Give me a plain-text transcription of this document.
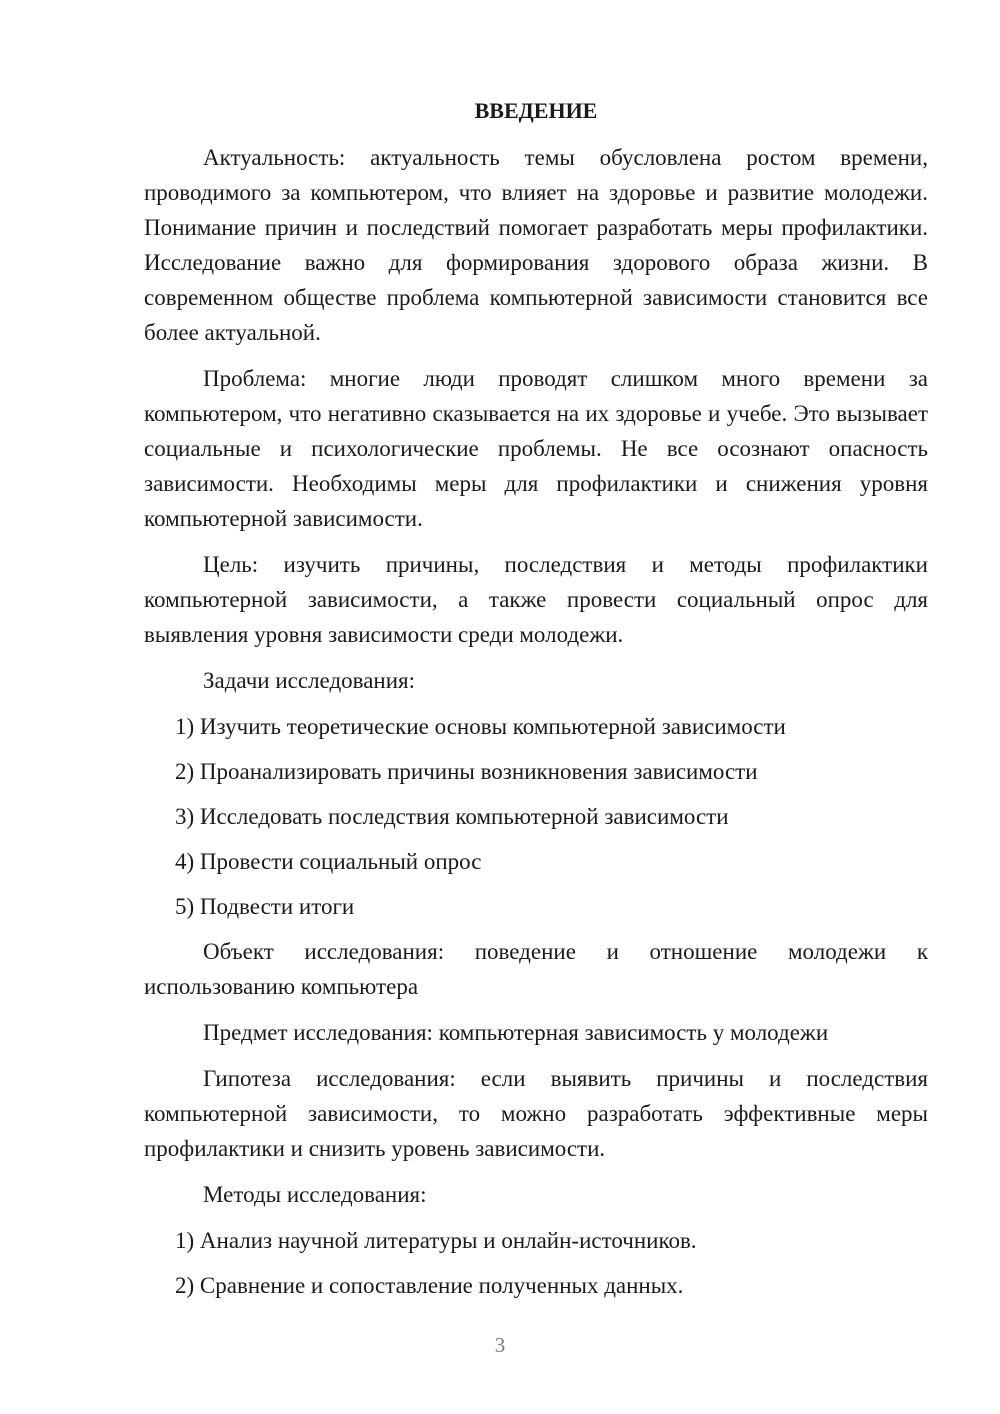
ВВЕДЕНИЕ

Актуальность: актуальность темы обусловлена ростом времени, проводимого за компьютером, что влияет на здоровье и развитие молодежи. Понимание причин и последствий помогает разработать меры профилактики. Исследование важно для формирования здорового образа жизни. В современном обществе проблема компьютерной зависимости становится все более актуальной.

Проблема: многие люди проводят слишком много времени за компьютером, что негативно сказывается на их здоровье и учебе. Это вызывает социальные и психологические проблемы. Не все осознают опасность зависимости. Необходимы меры для профилактики и снижения уровня компьютерной зависимости.

Цель: изучить причины, последствия и методы профилактики компьютерной зависимости, а также провести социальный опрос для выявления уровня зависимости среди молодежи.

Задачи исследования:

1) Изучить теоретические основы компьютерной зависимости

2) Проанализировать причины возникновения зависимости

3) Исследовать последствия компьютерной зависимости

4) Провести социальный опрос

5) Подвести итоги

Объект исследования: поведение и отношение молодежи к использованию компьютера

Предмет исследования: компьютерная зависимость у молодежи

Гипотеза исследования: если выявить причины и последствия компьютерной зависимости, то можно разработать эффективные меры профилактики и снизить уровень зависимости.

Методы исследования:

1) Анализ научной литературы и онлайн-источников.

2) Сравнение и сопоставление полученных данных.

3
